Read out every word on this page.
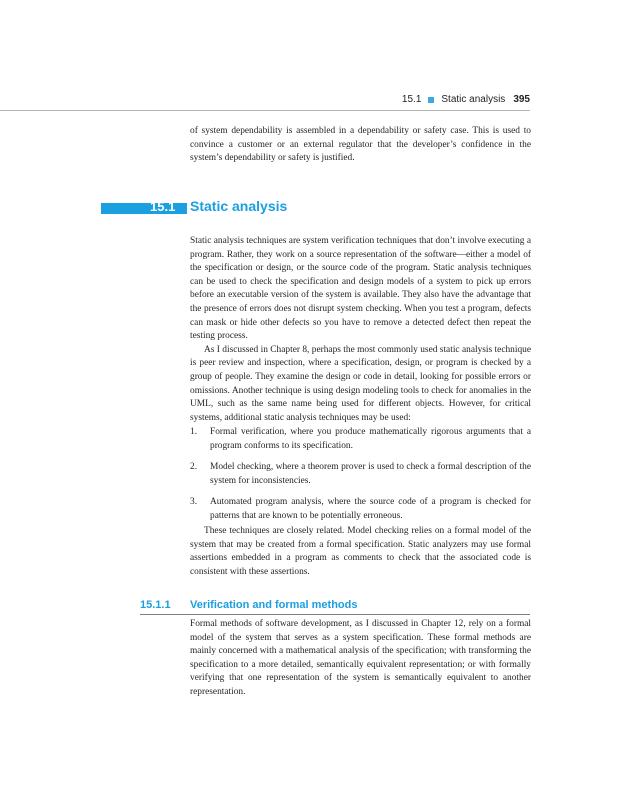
15.1 Static analysis 395

of system dependability is assembled in a dependability or safety case. This is used to convince a customer or an external regulator that the developer’s confidence in the system’s dependability or safety is justified.

15.1 Static analysis

Static analysis techniques are system verification techniques that don’t involve executing a program. Rather, they work on a source representation of the software—either a model of the specification or design, or the source code of the program. Static analysis techniques can be used to check the specification and design models of a system to pick up errors before an executable version of the system is available. They also have the advantage that the presence of errors does not disrupt system checking. When you test a program, defects can mask or hide other defects so you have to remove a detected defect then repeat the testing process.

As I discussed in Chapter 8, perhaps the most commonly used static analysis technique is peer review and inspection, where a specification, design, or program is checked by a group of people. They examine the design or code in detail, looking for possible errors or omissions. Another technique is using design modeling tools to check for anomalies in the UML, such as the same name being used for different objects. However, for critical systems, additional static analysis techniques may be used:

1.	Formal verification, where you produce mathematically rigorous arguments that a program conforms to its specification.
2.	Model checking, where a theorem prover is used to check a formal description of the system for inconsistencies.
3.	Automated program analysis, where the source code of a program is checked for patterns that are known to be potentially erroneous.

These techniques are closely related. Model checking relies on a formal model of the system that may be created from a formal specification. Static analyzers may use formal assertions embedded in a program as comments to check that the associated code is consistent with these assertions.

15.1.1 Verification and formal methods

Formal methods of software development, as I discussed in Chapter 12, rely on a formal model of the system that serves as a system specification. These formal methods are mainly concerned with a mathematical analysis of the specification; with transforming the specification to a more detailed, semantically equivalent representation; or with formally verifying that one representation of the system is semantically equivalent to another representation.
